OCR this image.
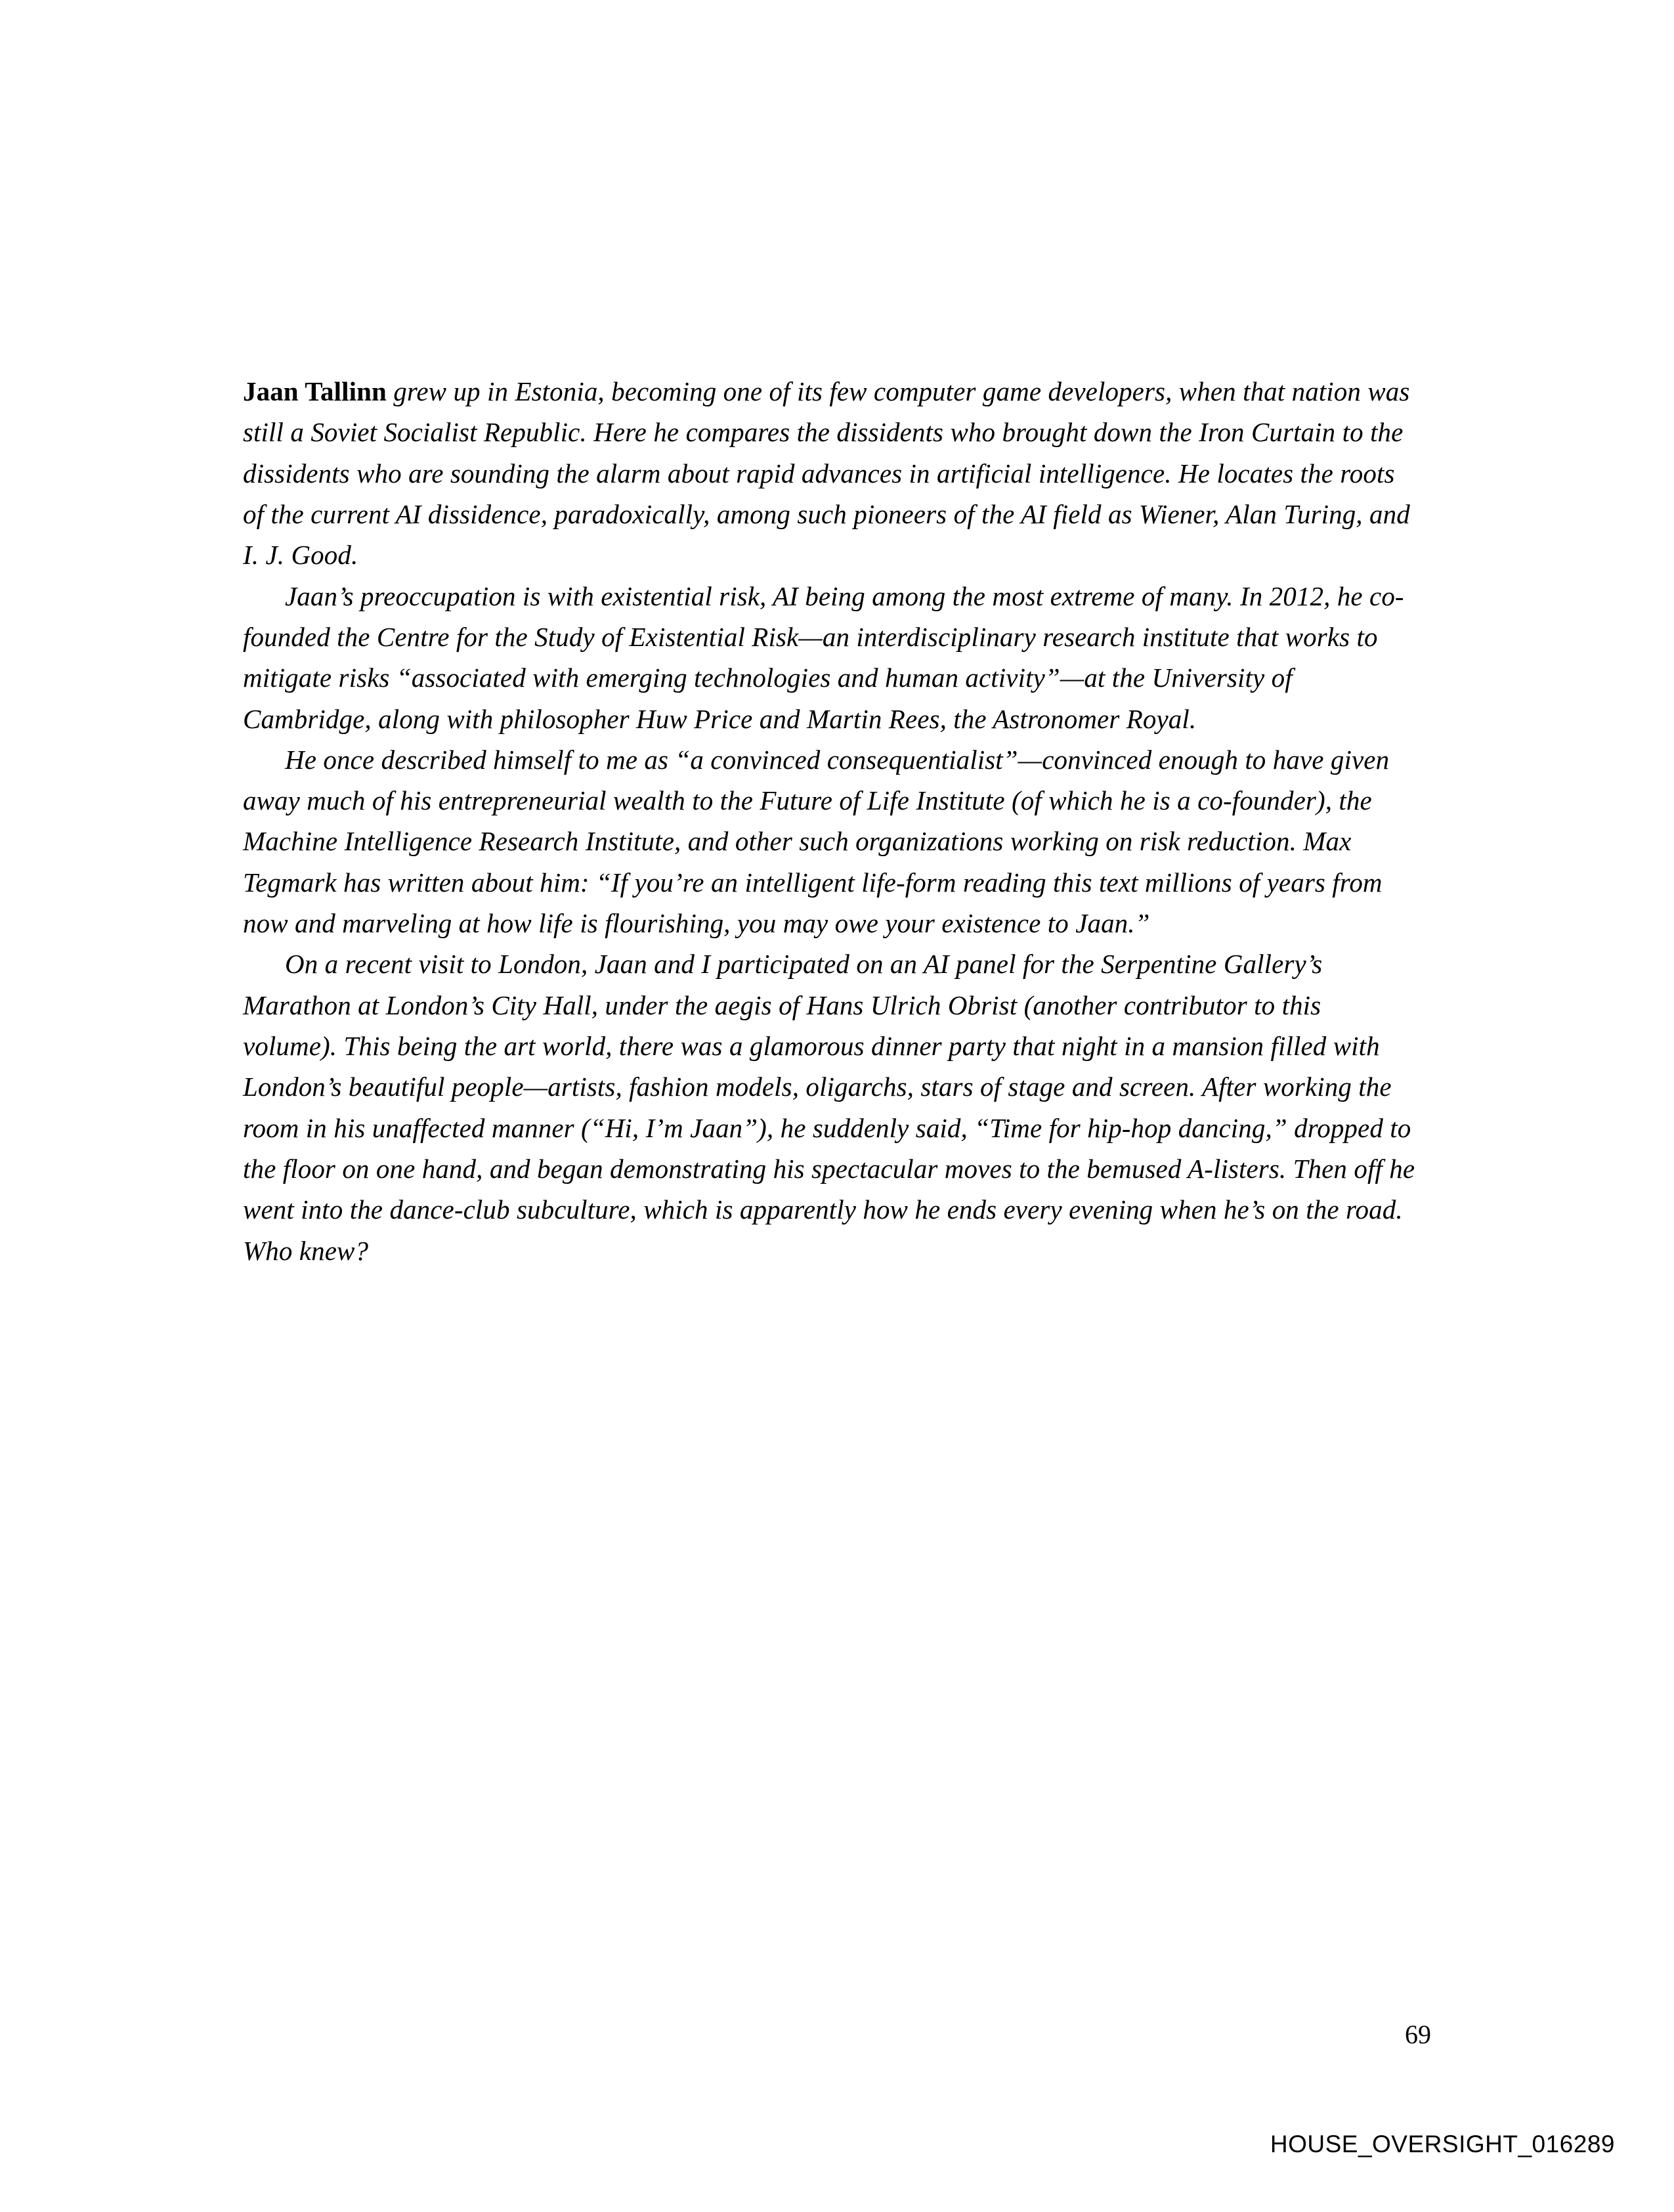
Jaan Tallinn grew up in Estonia, becoming one of its few computer game developers, when that nation was still a Soviet Socialist Republic. Here he compares the dissidents who brought down the Iron Curtain to the dissidents who are sounding the alarm about rapid advances in artificial intelligence. He locates the roots of the current AI dissidence, paradoxically, among such pioneers of the AI field as Wiener, Alan Turing, and I. J. Good.

Jaan’s preoccupation is with existential risk, AI being among the most extreme of many. In 2012, he co-founded the Centre for the Study of Existential Risk—an interdisciplinary research institute that works to mitigate risks “associated with emerging technologies and human activity”—at the University of Cambridge, along with philosopher Huw Price and Martin Rees, the Astronomer Royal.

He once described himself to me as “a convinced consequentialist”—convinced enough to have given away much of his entrepreneurial wealth to the Future of Life Institute (of which he is a co-founder), the Machine Intelligence Research Institute, and other such organizations working on risk reduction. Max Tegmark has written about him: “If you’re an intelligent life-form reading this text millions of years from now and marveling at how life is flourishing, you may owe your existence to Jaan.”

On a recent visit to London, Jaan and I participated on an AI panel for the Serpentine Gallery’s Marathon at London’s City Hall, under the aegis of Hans Ulrich Obrist (another contributor to this volume). This being the art world, there was a glamorous dinner party that night in a mansion filled with London’s beautiful people—artists, fashion models, oligarchs, stars of stage and screen. After working the room in his unaffected manner (“Hi, I’m Jaan”), he suddenly said, “Time for hip-hop dancing,” dropped to the floor on one hand, and began demonstrating his spectacular moves to the bemused A-listers. Then off he went into the dance-club subculture, which is apparently how he ends every evening when he’s on the road. Who knew?

69
HOUSE_OVERSIGHT_016289
